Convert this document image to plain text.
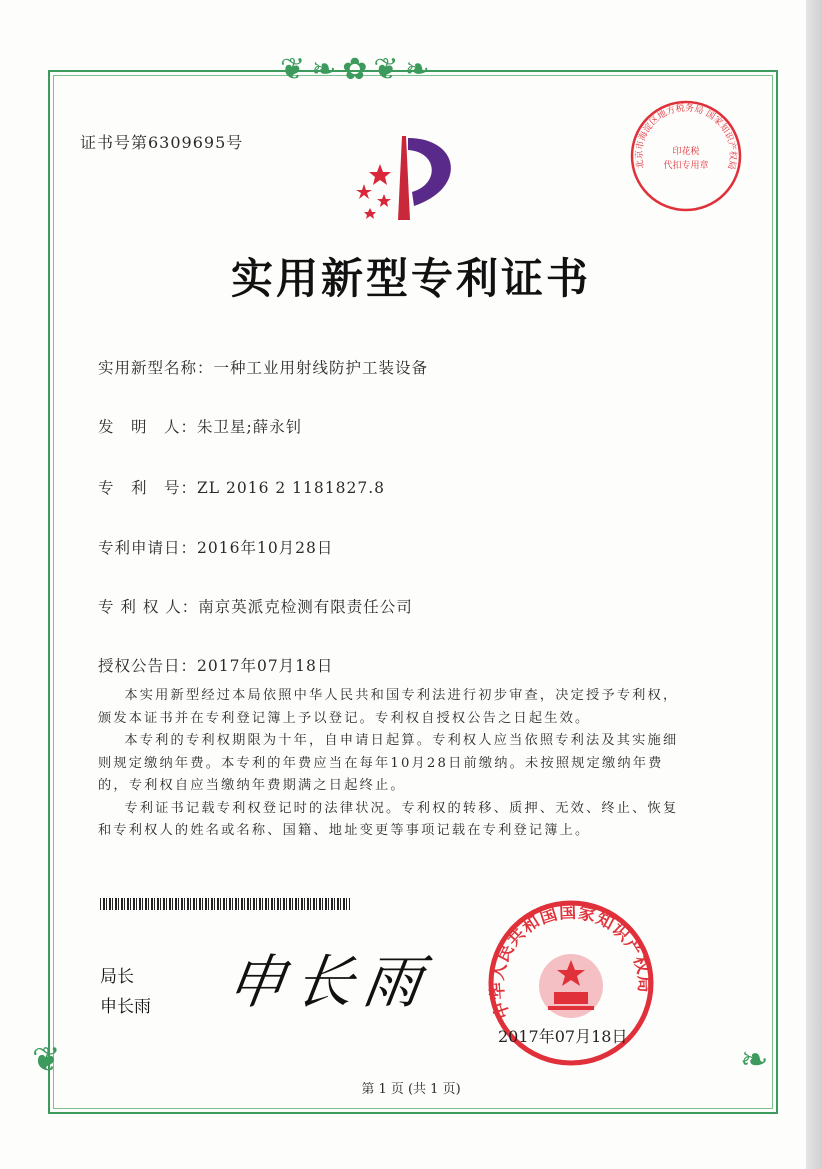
❦❧✿❦❧
❦	❧
证书号第6309695号
北京市海淀区地方税务局 国家知识产权局
印花税
代扣专用章
实用新型专利证书
实用新型名称：一种工业用射线防护工装设备
发　明　人：朱卫星;薛永钊
专　利　号：ZL 2016 2 1181827.8
专利申请日：2016年10月28日
专 利 权 人：南京英派克检测有限责任公司
授权公告日：2017年07月18日

本实用新型经过本局依照中华人民共和国专利法进行初步审查，决定授予专利权，颁发本证书并在专利登记簿上予以登记。专利权自授权公告之日起生效。

本专利的专利权期限为十年，自申请日起算。专利权人应当依照专利法及其实施细则规定缴纳年费。本专利的年费应当在每年10月28日前缴纳。未按照规定缴纳年费的，专利权自应当缴纳年费期满之日起终止。

专利证书记载专利权登记时的法律状况。专利权的转移、质押、无效、终止、恢复和专利权人的姓名或名称、国籍、地址变更等事项记载在专利登记簿上。

局长
申长雨 申长雨	中华人民共和国国家知识产权局
2017年07月18日
第 1 页 (共 1 页)
